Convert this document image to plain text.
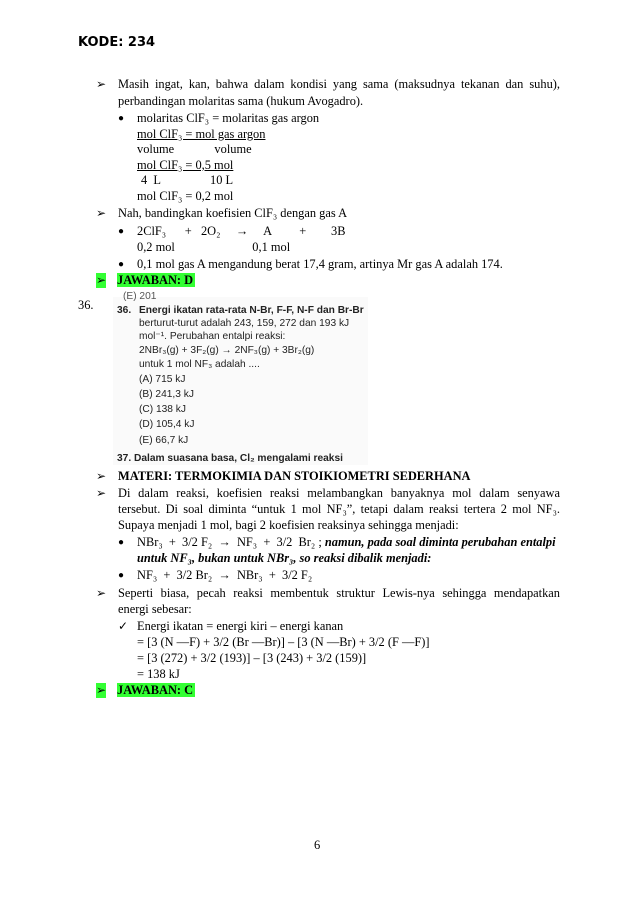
KODE: 234
➢ Masih ingat, kan, bahwa dalam kondisi yang sama (maksudnya tekanan dan suhu),
perbandingan molaritas sama (hukum Avogadro).
● molaritas ClF₃ = molaritas gas argon
mol ClF₃ = mol gas argon
volume             volume
mol ClF₃ = 0,5 mol
4  L                10 L
mol ClF₃ = 0,2 mol
➢ Nah, bandingkan koefisien ClF₃ dengan gas A
● 2ClF₃      +   2O₂     →     A         +        3B
0,2 mol                         0,1 mol
● 0,1 mol gas A mengandung berat 17,4 gram, artinya Mr gas A adalah 174.
➢ JAWABAN: D
36.
(E) 201
36. Energi ikatan rata-rata N-Br, F-F, N-F dan Br-Br
berturut-turut adalah 243, 159, 272 dan 193 kJ
mol⁻¹. Perubahan entalpi reaksi:
2NBr₃(g) + 3F₂(g) → 2NF₃(g) + 3Br₂(g)
untuk 1 mol NF₃ adalah ....
(A) 715 kJ
(B) 241,3 kJ
(C) 138 kJ
(D) 105,4 kJ
(E) 66,7 kJ
37. Dalam suasana basa, Cl₂ mengalami reaksi
➢ MATERI: TERMOKIMIA DAN STOIKIOMETRI SEDERHANA
➢ Di dalam reaksi, koefisien reaksi melambangkan banyaknya mol dalam senyawa
tersebut. Di soal diminta “untuk 1 mol NF₃”, tetapi dalam reaksi tertera 2 mol NF₃.
Supaya menjadi 1 mol, bagi 2 koefisien reaksinya sehingga menjadi:
● NBr₃  +  3/2 F₂  →  NF₃  +  3/2  Br₂ ; namun, pada soal diminta perubahan entalpi
untuk NF₃, bukan untuk NBr₃, so reaksi dibalik menjadi:
● NF₃  +  3/2 Br₂  →  NBr₃  +  3/2 F₂
➢ Seperti biasa, pecah reaksi membentuk struktur Lewis-nya sehingga mendapatkan
energi sebesar:
✓ Energi ikatan = energi kiri – energi kanan
= [3 (N —F) + 3/2 (Br —Br)] – [3 (N —Br) + 3/2 (F —F)]
= [3 (272) + 3/2 (193)] – [3 (243) + 3/2 (159)]
= 138 kJ
➢ JAWABAN: C
6
